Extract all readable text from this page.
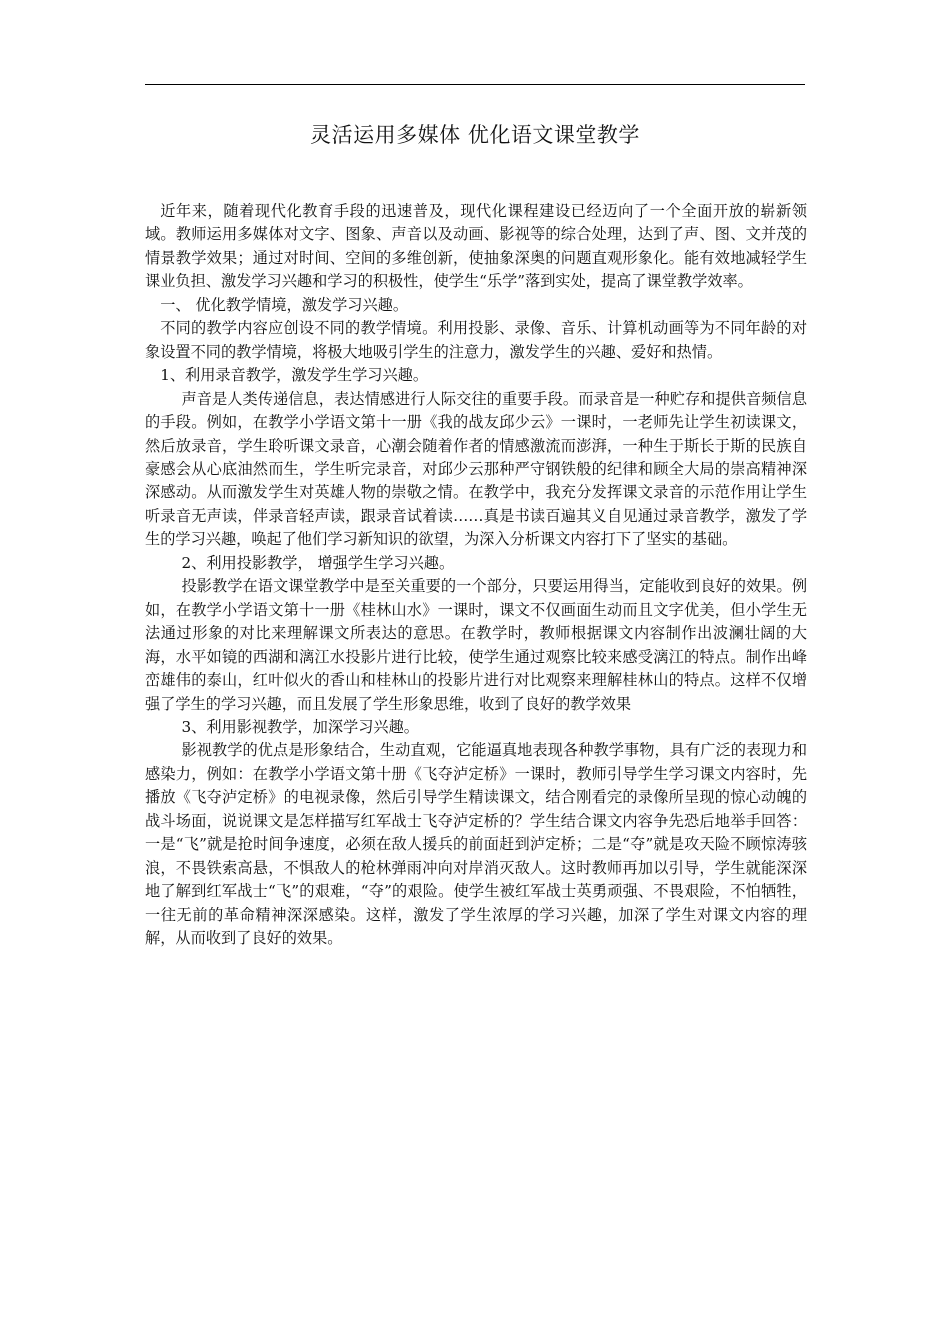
灵活运用多媒体 优化语文课堂教学

近年来，随着现代化教育手段的迅速普及，现代化课程建设已经迈向了一个全面开放的崭新领域。教师运用多媒体对文字、图象、声音以及动画、影视等的综合处理，达到了声、图、文并茂的情景教学效果；通过对时间、空间的多维创新，使抽象深奥的问题直观形象化。能有效地减轻学生课业负担、激发学习兴趣和学习的积极性，使学生“乐学”落到实处，提高了课堂教学效率。

一、 优化教学情境，激发学习兴趣。

不同的教学内容应创设不同的教学情境。利用投影、录像、音乐、计算机动画等为不同年龄的对象设置不同的教学情境，将极大地吸引学生的注意力，激发学生的兴趣、爱好和热情。

1、利用录音教学，激发学生学习兴趣。

声音是人类传递信息，表达情感进行人际交往的重要手段。而录音是一种贮存和提供音频信息的手段。例如，在教学小学语文第十一册《我的战友邱少云》一课时，一老师先让学生初读课文，然后放录音，学生聆听课文录音，心潮会随着作者的情感激流而澎湃，一种生于斯长于斯的民族自豪感会从心底油然而生，学生听完录音，对邱少云那种严守钢铁般的纪律和顾全大局的崇高精神深深感动。从而激发学生对英雄人物的崇敬之情。在教学中，我充分发挥课文录音的示范作用让学生听录音无声读，伴录音轻声读，跟录音试着读……真是书读百遍其义自见通过录音教学，激发了学生的学习兴趣，唤起了他们学习新知识的欲望，为深入分析课文内容打下了坚实的基础。

2、利用投影教学， 增强学生学习兴趣。

投影教学在语文课堂教学中是至关重要的一个部分，只要运用得当，定能收到良好的效果。例如，在教学小学语文第十一册《桂林山水》一课时，课文不仅画面生动而且文字优美，但小学生无法通过形象的对比来理解课文所表达的意思。在教学时，教师根据课文内容制作出波澜壮阔的大海，水平如镜的西湖和漓江水投影片进行比较，使学生通过观察比较来感受漓江的特点。制作出峰峦雄伟的泰山，红叶似火的香山和桂林山的投影片进行对比观察来理解桂林山的特点。这样不仅增强了学生的学习兴趣，而且发展了学生形象思维，收到了良好的教学效果

3、利用影视教学，加深学习兴趣。

影视教学的优点是形象结合，生动直观，它能逼真地表现各种教学事物，具有广泛的表现力和感染力，例如：在教学小学语文第十册《飞夺泸定桥》一课时，教师引导学生学习课文内容时，先播放《飞夺泸定桥》的电视录像，然后引导学生精读课文，结合刚看完的录像所呈现的惊心动魄的战斗场面，说说课文是怎样描写红军战士飞夺泸定桥的？学生结合课文内容争先恐后地举手回答：一是“飞”就是抢时间争速度，必须在敌人援兵的前面赶到泸定桥；二是“夺”就是攻天险不顾惊涛骇浪，不畏铁索高悬，不惧敌人的枪林弹雨冲向对岸消灭敌人。这时教师再加以引导，学生就能深深地了解到红军战士“飞”的艰难，“夺”的艰险。使学生被红军战士英勇顽强、不畏艰险，不怕牺牲，一往无前的革命精神深深感染。这样，激发了学生浓厚的学习兴趣，加深了学生对课文内容的理解，从而收到了良好的效果。
